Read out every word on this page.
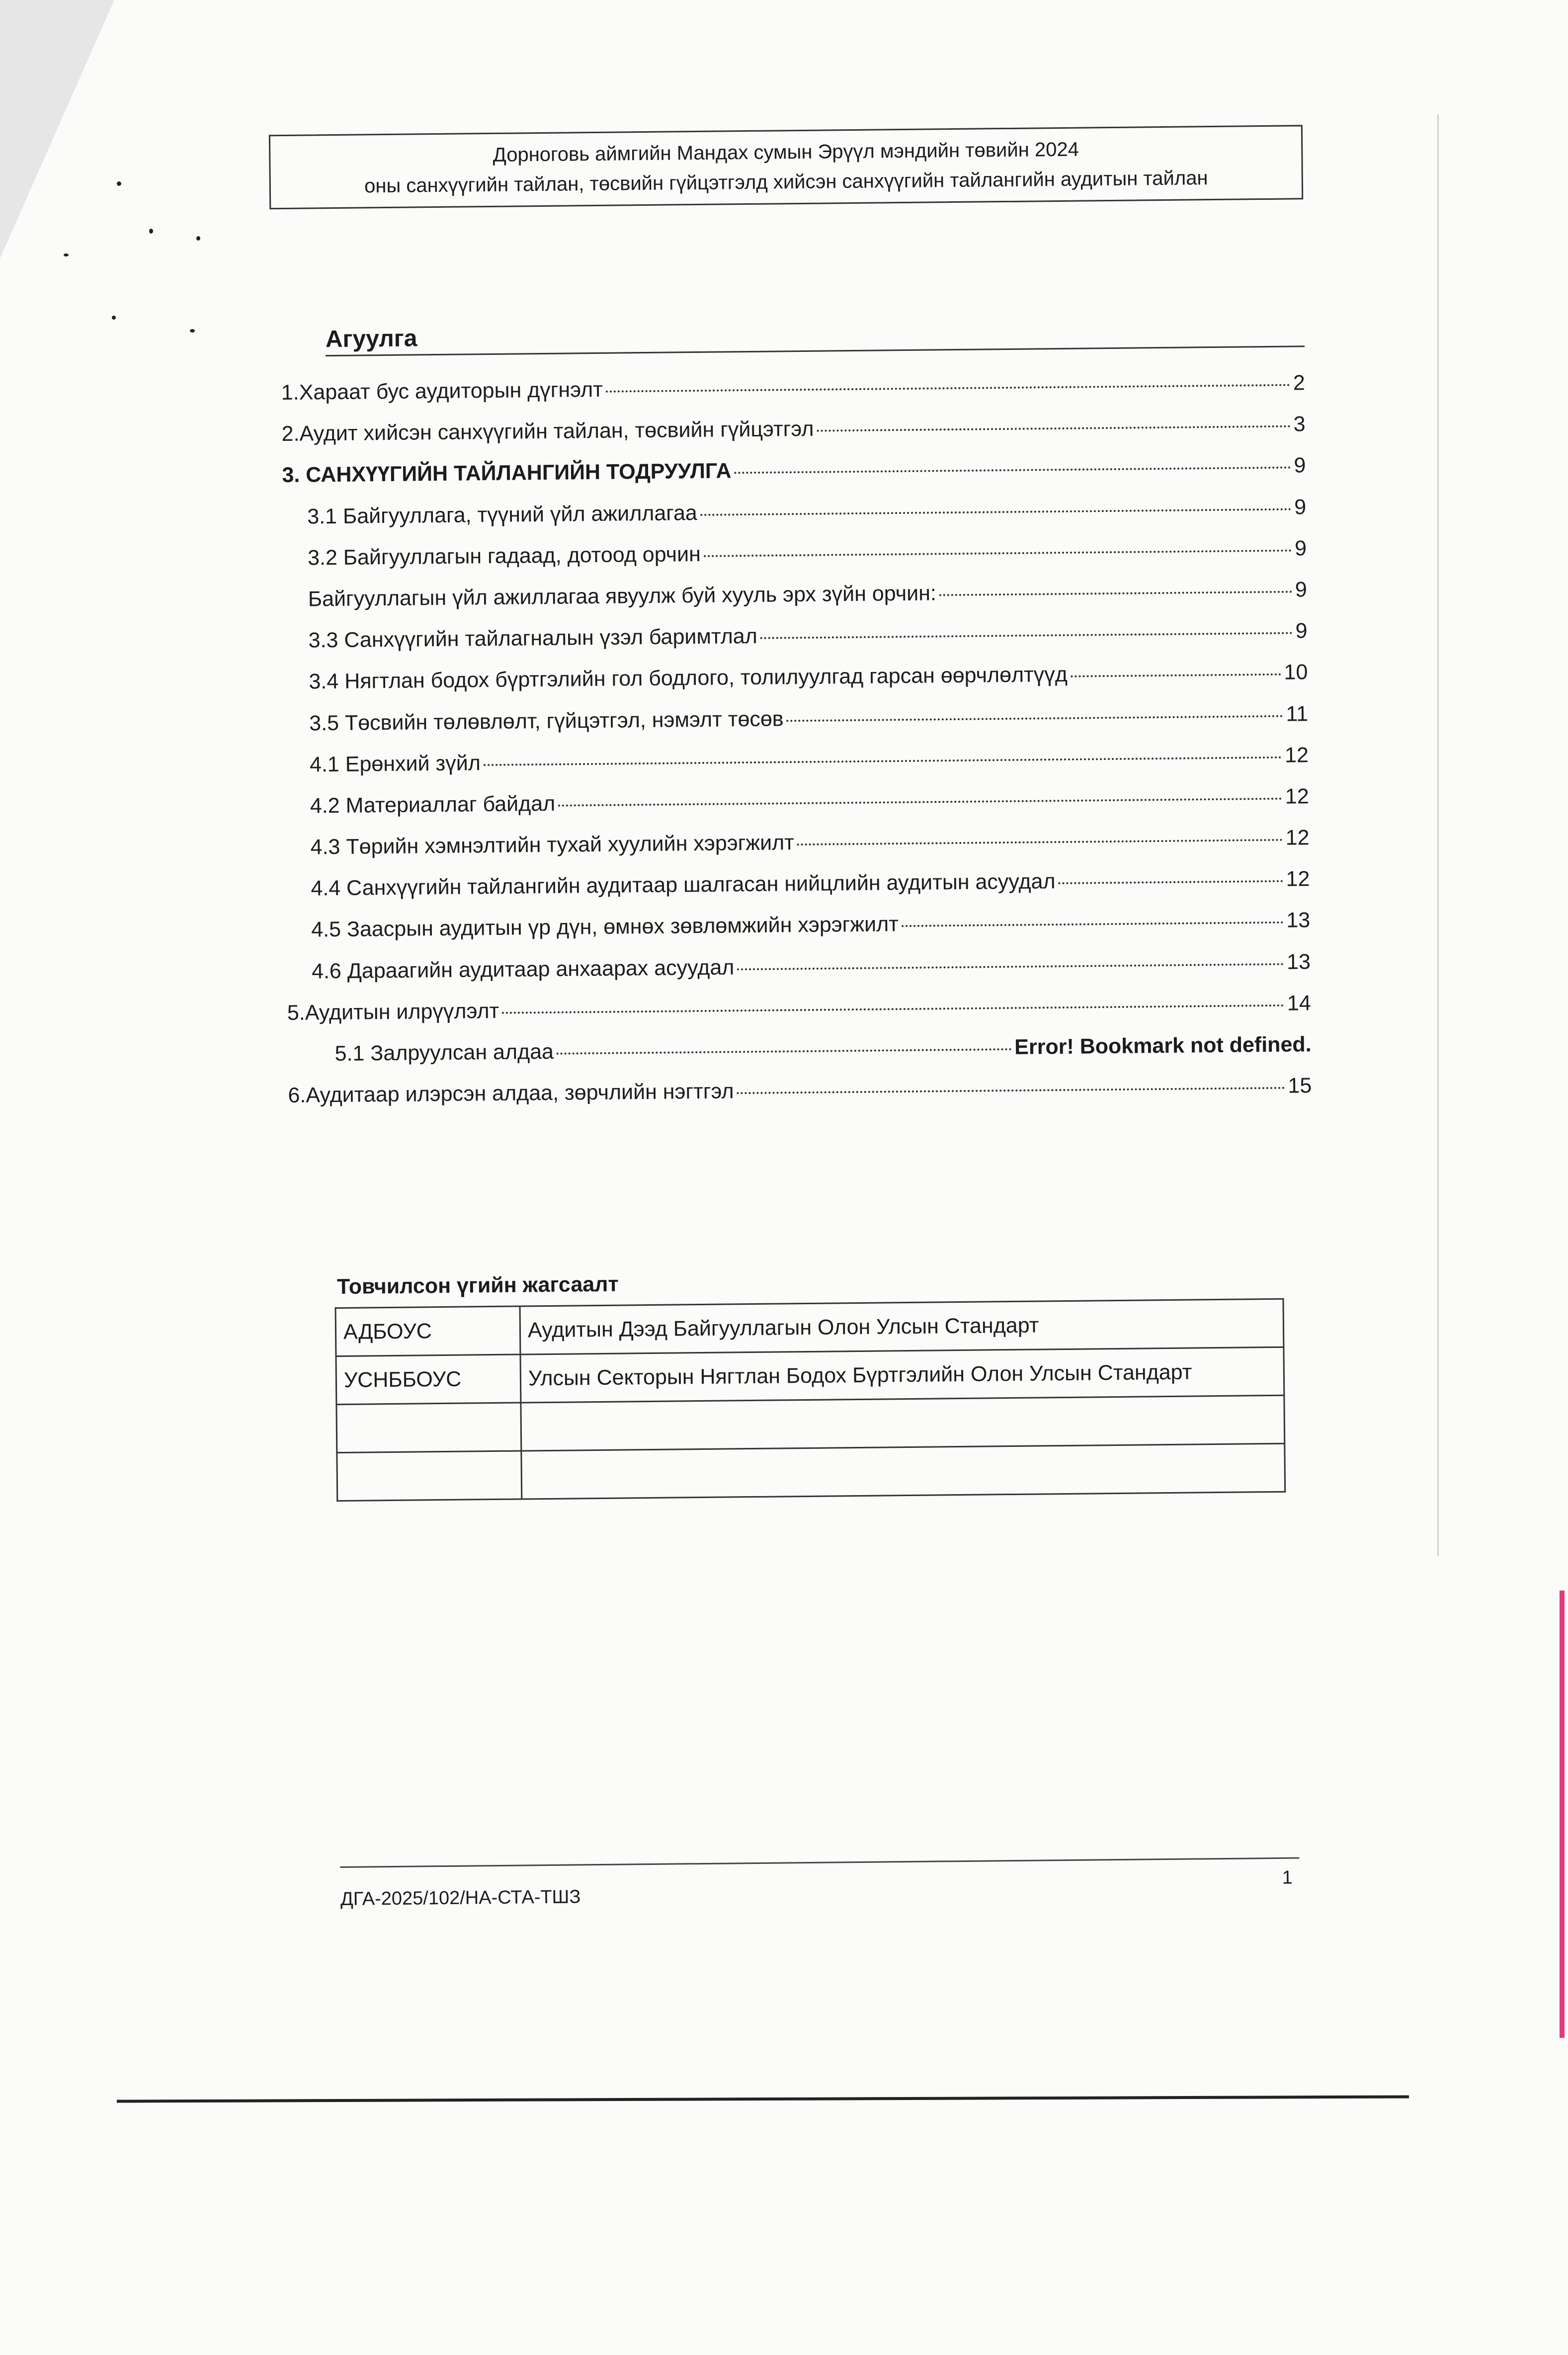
Дорноговь аймгийн Мандах сумын Эрүүл мэндийн төвийн 2024
оны санхүүгийн тайлан, төсвийн гүйцэтгэлд хийсэн санхүүгийн тайлангийн аудитын тайлан
Агуулга
1.Хараат бус аудиторын дүгнэлт	2
2.Аудит хийсэн санхүүгийн тайлан, төсвийн гүйцэтгэл	3
3. САНХҮҮГИЙН ТАЙЛАНГИЙН ТОДРУУЛГА	9
3.1 Байгууллага, түүний үйл ажиллагаа	9
3.2 Байгууллагын гадаад, дотоод орчин	9
Байгууллагын үйл ажиллагаа явуулж буй хууль эрх зүйн орчин:	9
3.3 Санхүүгийн тайлагналын үзэл баримтлал	9
3.4 Нягтлан бодох бүртгэлийн гол бодлого, толилуулгад гарсан өөрчлөлтүүд	10
3.5 Төсвийн төлөвлөлт, гүйцэтгэл, нэмэлт төсөв	11
4.1 Ерөнхий зүйл	12
4.2 Материаллаг байдал	12
4.3 Төрийн хэмнэлтийн тухай хуулийн хэрэгжилт	12
4.4 Санхүүгийн тайлангийн аудитаар шалгасан нийцлийн аудитын асуудал	12
4.5 Заасрын аудитын үр дүн, өмнөх зөвлөмжийн хэрэгжилт	13
4.6 Дараагийн аудитаар анхаарах асуудал	13
5.Аудитын илрүүлэлт	14
5.1 Залруулсан алдаа	Error! Bookmark not defined.
6.Аудитаар илэрсэн алдаа, зөрчлийн нэгтгэл	15
Товчилсон үгийн жагсаалт
АДБОУС	Аудитын Дээд Байгууллагын Олон Улсын Стандарт
УСНББОУС	Улсын Секторын Нягтлан Бодох Бүртгэлийн Олон Улсын Стандарт

ДГА-2025/102/НА-СТА-ТШЗ
1
